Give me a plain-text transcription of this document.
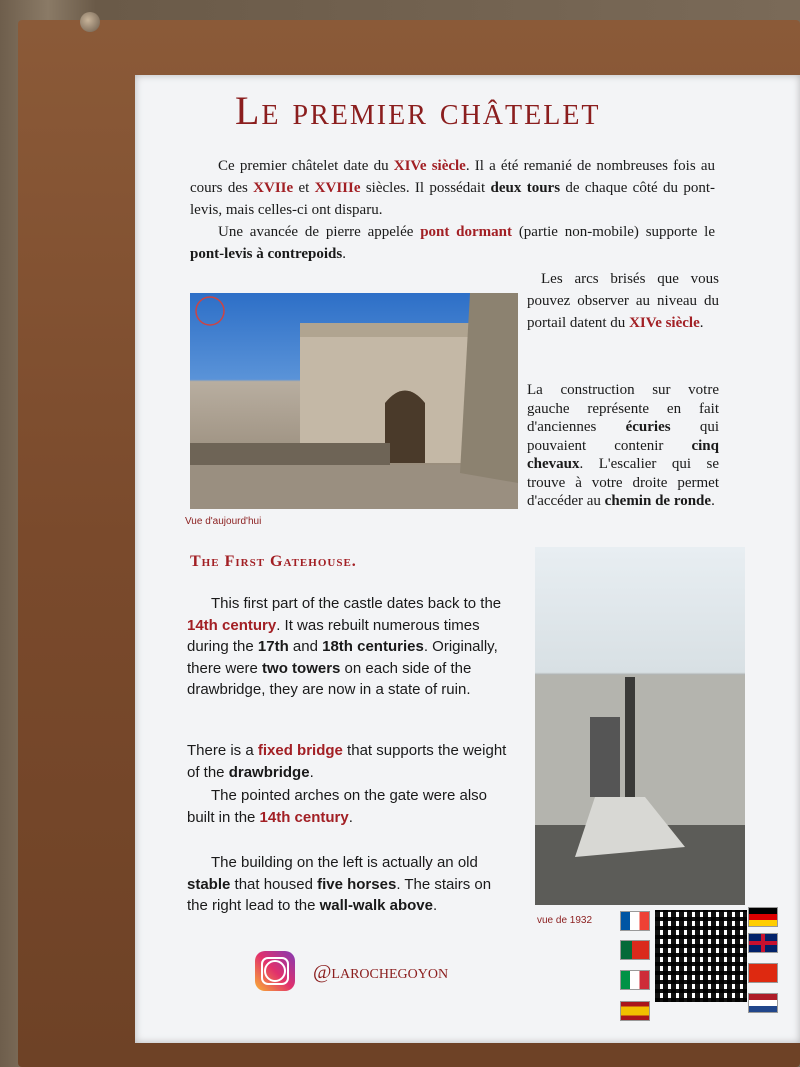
Le premier châtelet
Ce premier châtelet date du XIVe siècle. Il a été remanié de nombreuses fois au cours des XVIIe et XVIIIe siècles. Il possédait deux tours de chaque côté du pont-levis, mais celles-ci ont disparu.
Une avancée de pierre appelée pont dormant (partie non-mobile) supporte le pont-levis à contrepoids.
Les arcs brisés que vous pouvez observer au niveau du portail datent du XIVe siècle.
La construction sur votre gauche représente en fait d'anciennes écuries qui pouvaient contenir cinq chevaux. L'escalier qui se trouve à votre droite permet d'accéder au chemin de ronde.
Vue d'aujourd'hui
The First Gatehouse.
This first part of the castle dates back to the 14th century. It was rebuilt numerous times during the 17th and 18th centuries. Originally, there were two towers on each side of the drawbridge, they are now in a state of ruin.
There is a fixed bridge that supports the weight of the drawbridge.
The pointed arches on the gate were also built in the 14th century.
The building on the left is actually an old stable that housed five horses. The stairs on the right lead to the wall-walk above.
vue de 1932
@larochegoyon
